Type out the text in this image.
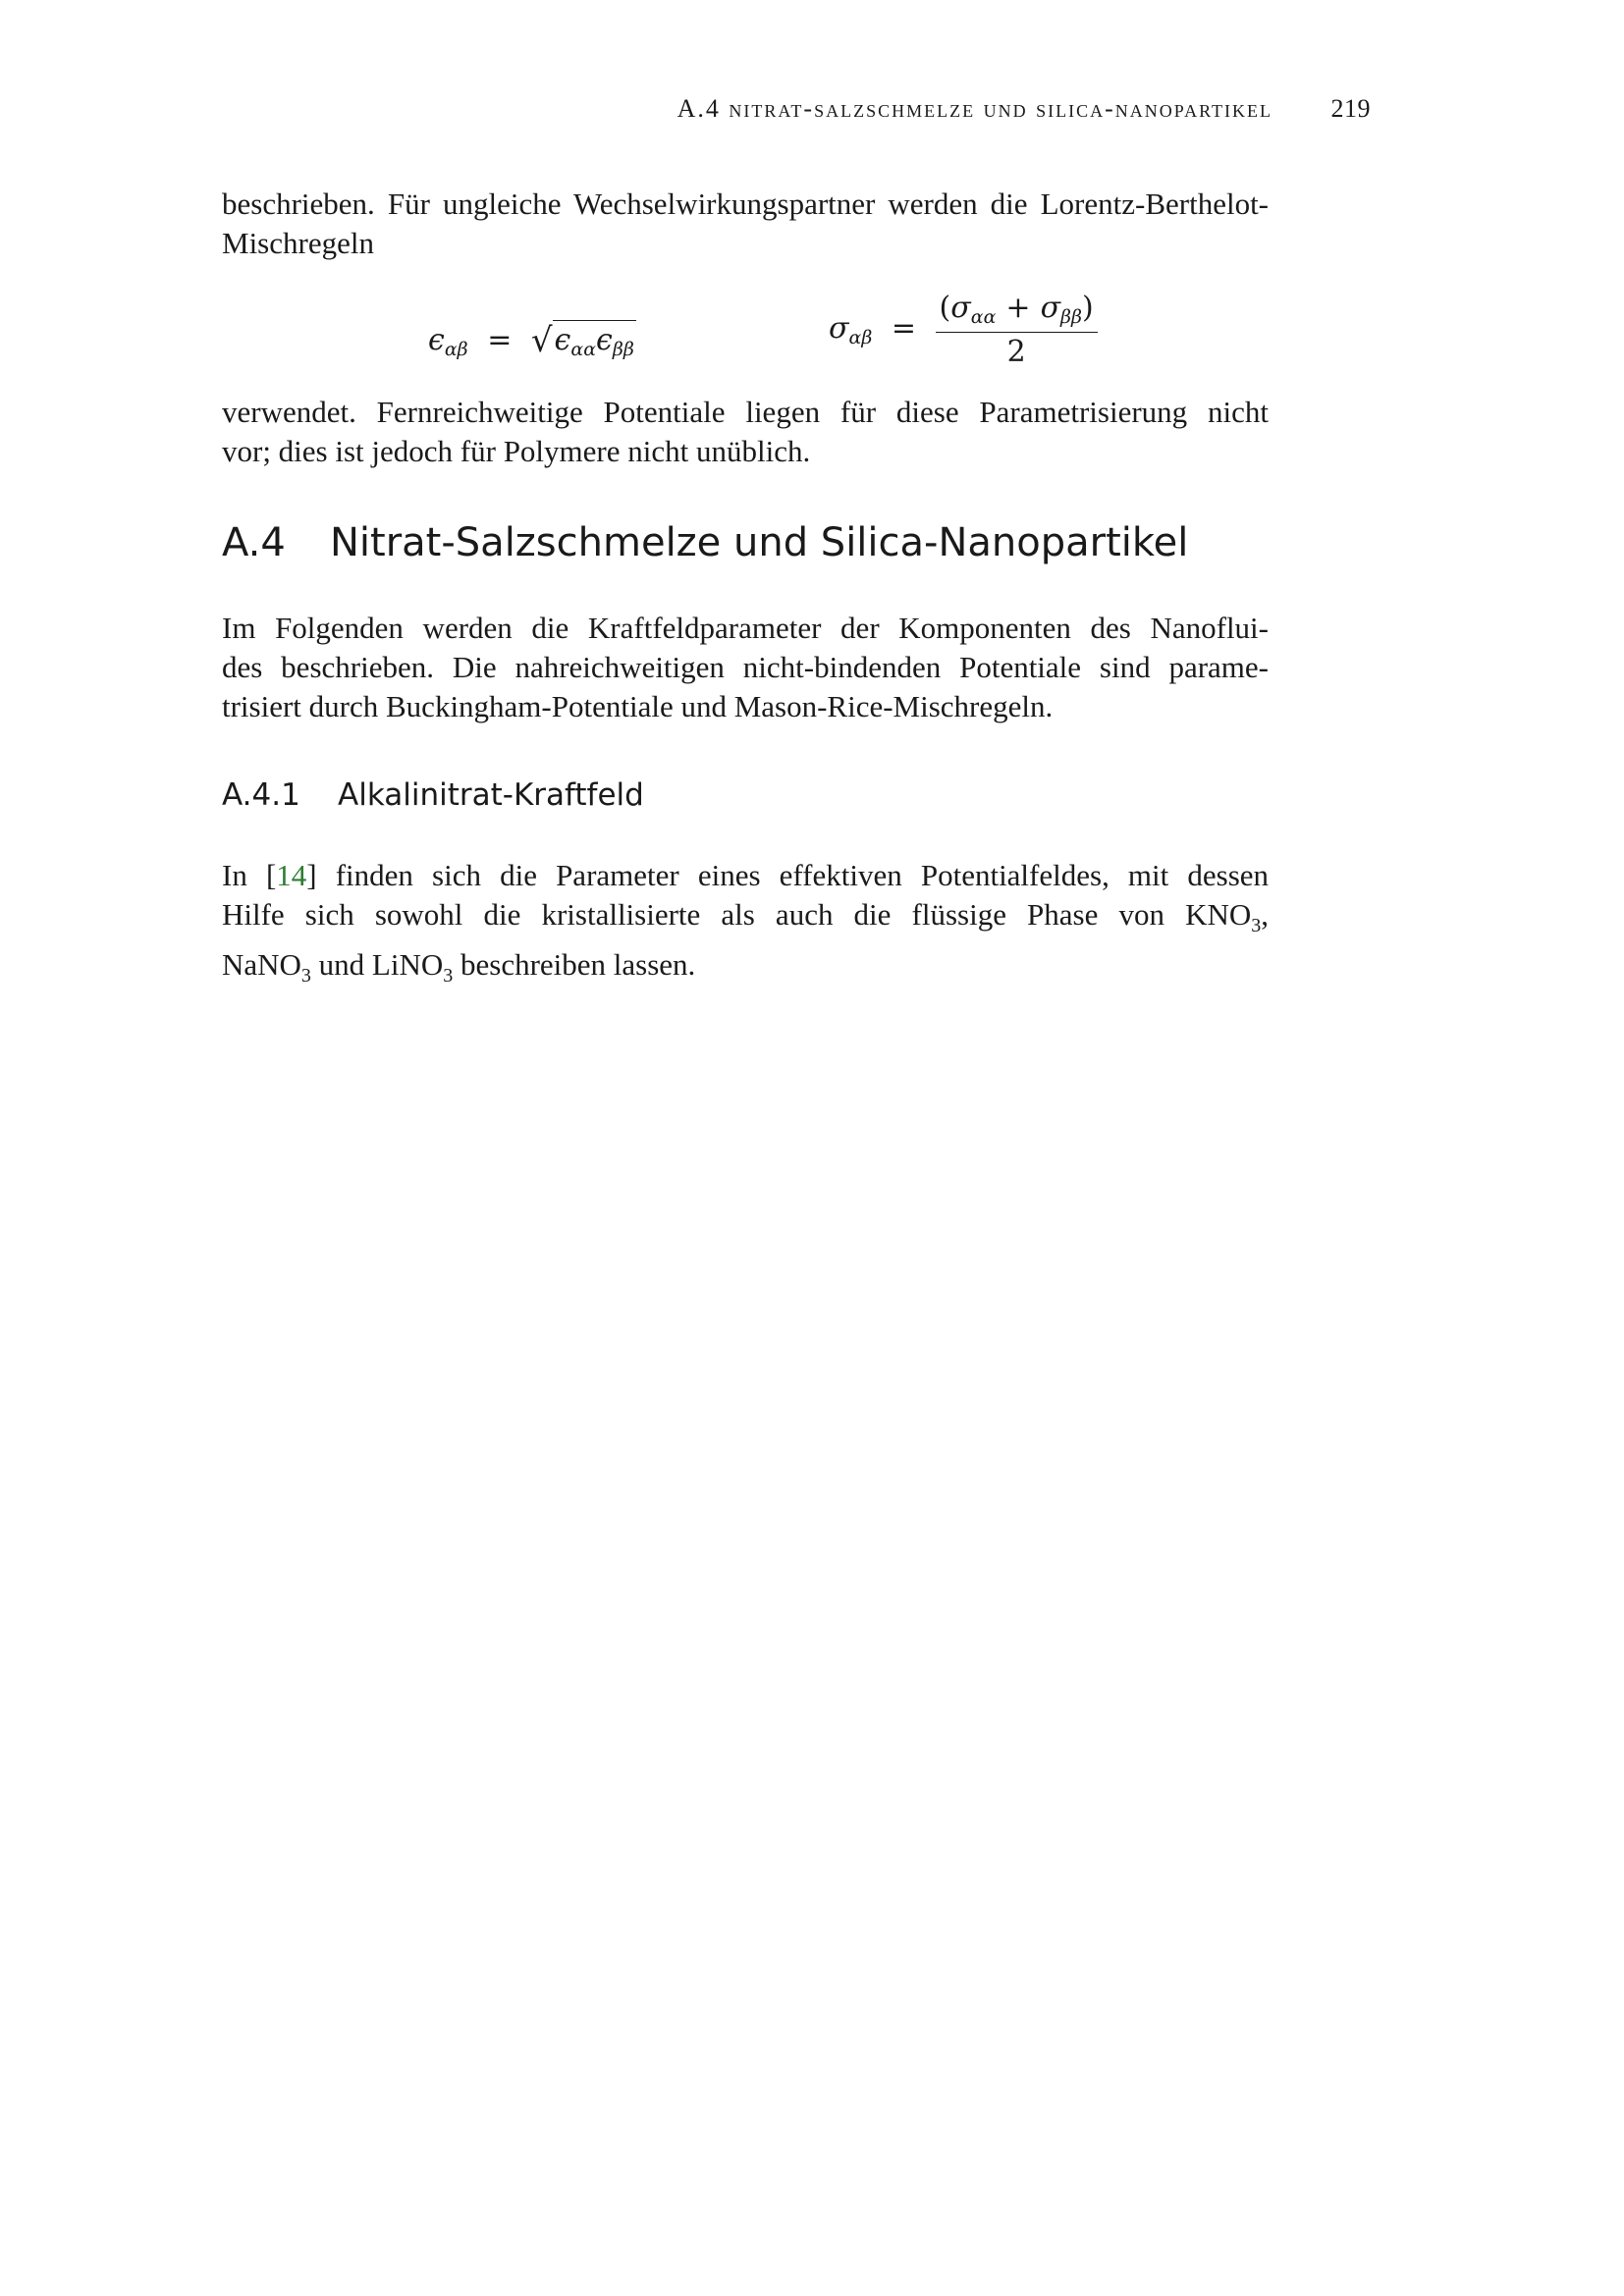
A.4 nitrat-salzschmelze und silica-nanopartikel 219

beschrieben. Für ungleiche Wechselwirkungspartner werden die Lorentz-Berthelot-
Mischregeln

$\epsilon_{\alpha\beta} = √\epsilon_{\alpha\alpha}\epsilon_{\beta\beta}$
$\sigma_{\alpha\beta} = \frac{(\sigma_{\alpha\alpha} + \sigma_{\beta\beta})}{2}$

verwendet. Fernreichweitige Potentiale liegen für diese Parametrisierung nicht
vor; dies ist jedoch für Polymere nicht unüblich.

A.4 Nitrat-Salzschmelze und Silica-Nanopartikel

Im Folgenden werden die Kraftfeldparameter der Komponenten des Nanoflui-
des beschrieben. Die nahreichweitigen nicht-bindenden Potentiale sind parame-
trisiert durch Buckingham-Potentiale und Mason-Rice-Mischregeln.

A.4.1 Alkalinitrat-Kraftfeld

In [14] finden sich die Parameter eines effektiven Potentialfeldes, mit dessen
Hilfe sich sowohl die kristallisierte als auch die flüssige Phase von $KNO_3$,
NaNO$_3$ und LiNO$_3$ beschreiben lassen.
